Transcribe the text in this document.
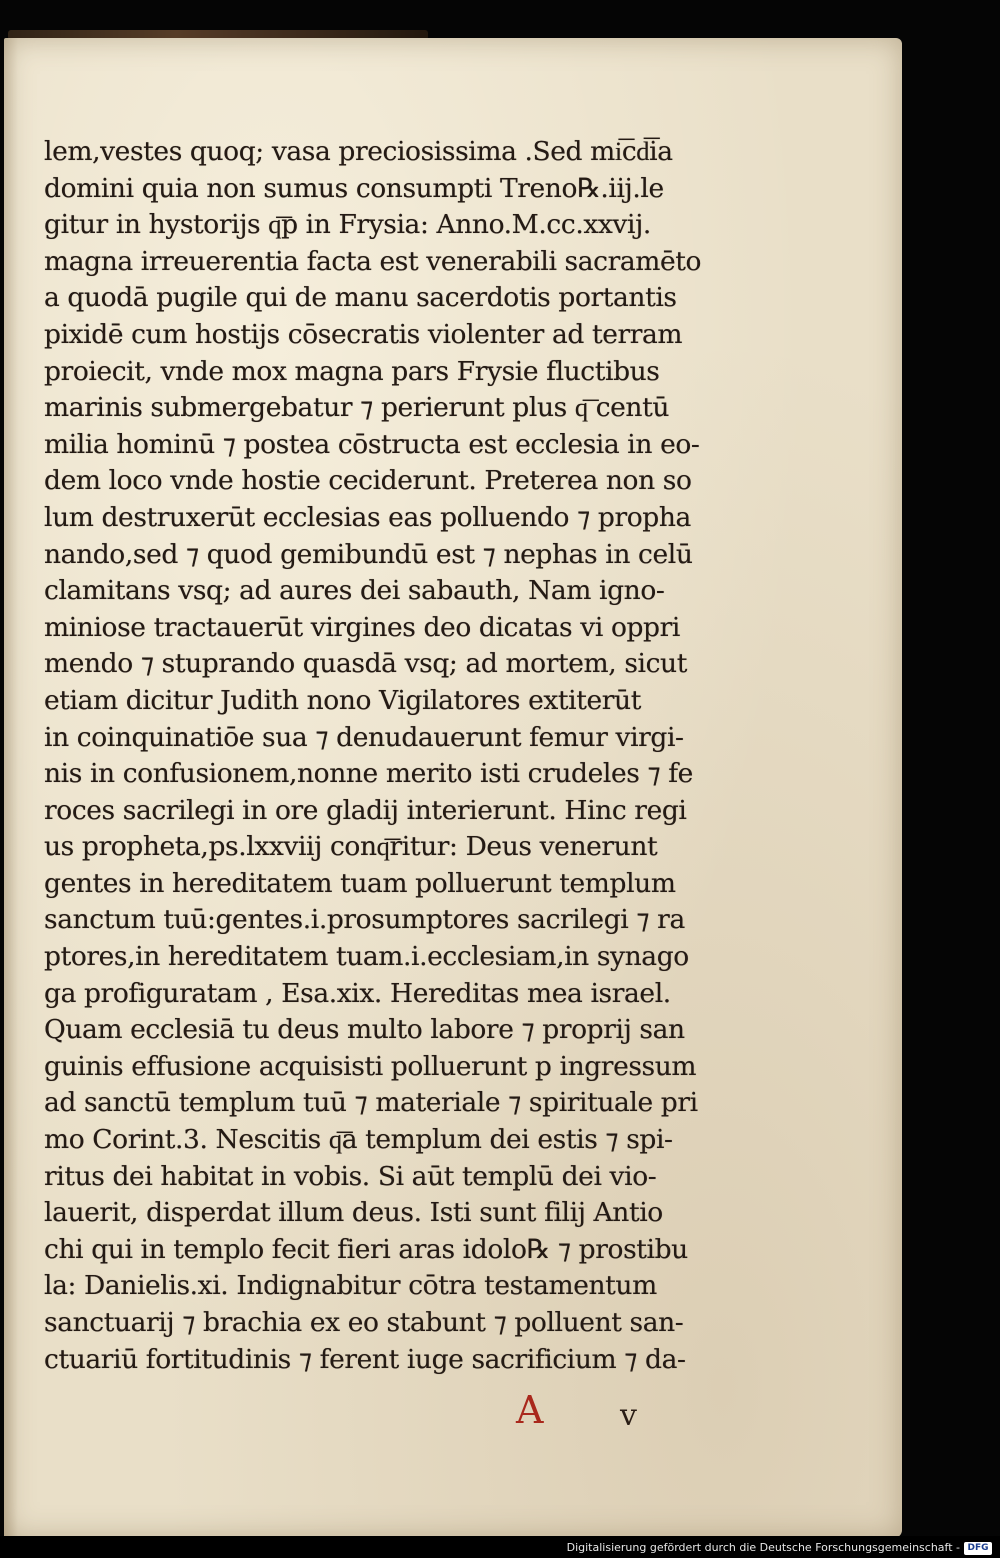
lem,vestes quoq; vasa preciosissima .Sed mi͞cd͞ia
domini quia non sumus consumpti Treno℞.iij.le
gitur in hystorijs q͞p in Frysia: Anno.M.cc.xxvij.
magna irreuerentia facta est venerabili sacramēto
a quodā pugile qui de manu sacerdotis portantis
pixidē cum hostijs cōsecratis violenter ad terram
proiecit, vnde mox magna pars Frysie fluctibus
marinis submergebatur ⁊ perierunt plus q͞ centū
milia hominū ⁊ postea cōstructa est ecclesia in eo-
dem loco vnde hostie ceciderunt. Preterea non so
lum destruxerūt ecclesias eas polluendo ⁊ propha
nando,sed ⁊ quod gemibundū est ⁊ nephas in celū
clamitans vsq; ad aures dei sabauth, Nam igno-
miniose tractauerūt virgines deo dicatas vi oppri
mendo ⁊ stuprando quasdā vsq; ad mortem, sicut
etiam dicitur Judith nono Vigilatores extiterūt
in coinquinatiōe sua ⁊ denudauerunt femur virgi-
nis in confusionem,nonne merito isti crudeles ⁊ fe
roces sacrilegi in ore gladij interierunt. Hinc regi
us propheta,ps.lxxviij conq͞ritur: Deus venerunt
gentes in hereditatem tuam polluerunt templum
sanctum tuū:gentes.i.prosumptores sacrilegi ⁊ ra
ptores,in hereditatem tuam.i.ecclesiam,in synago
ga profiguratam , Esa.xix. Hereditas mea israel.
Quam ecclesiā tu deus multo labore ⁊ proprij san
guinis effusione acquisisti polluerunt p ingressum
ad sanctū templum tuū ⁊ materiale ⁊ spirituale pri
mo Corint.3. Nescitis q͞a templum dei estis ⁊ spi-
ritus dei habitat in vobis. Si aūt templū dei vio-
lauerit, disperdat illum deus. Isti sunt filij Antio
chi qui in templo fecit fieri aras idolo℞ ⁊ prostibu
la: Danielis.xi. Indignabitur cōtra testamentum
sanctuarij ⁊ brachia ex eo stabunt ⁊ polluent san-
ctuariū fortitudinis ⁊ ferent iuge sacrificium ⁊ da-
A v
Digitalisierung gefördert durch die Deutsche Forschungsgemeinschaft - DFG
